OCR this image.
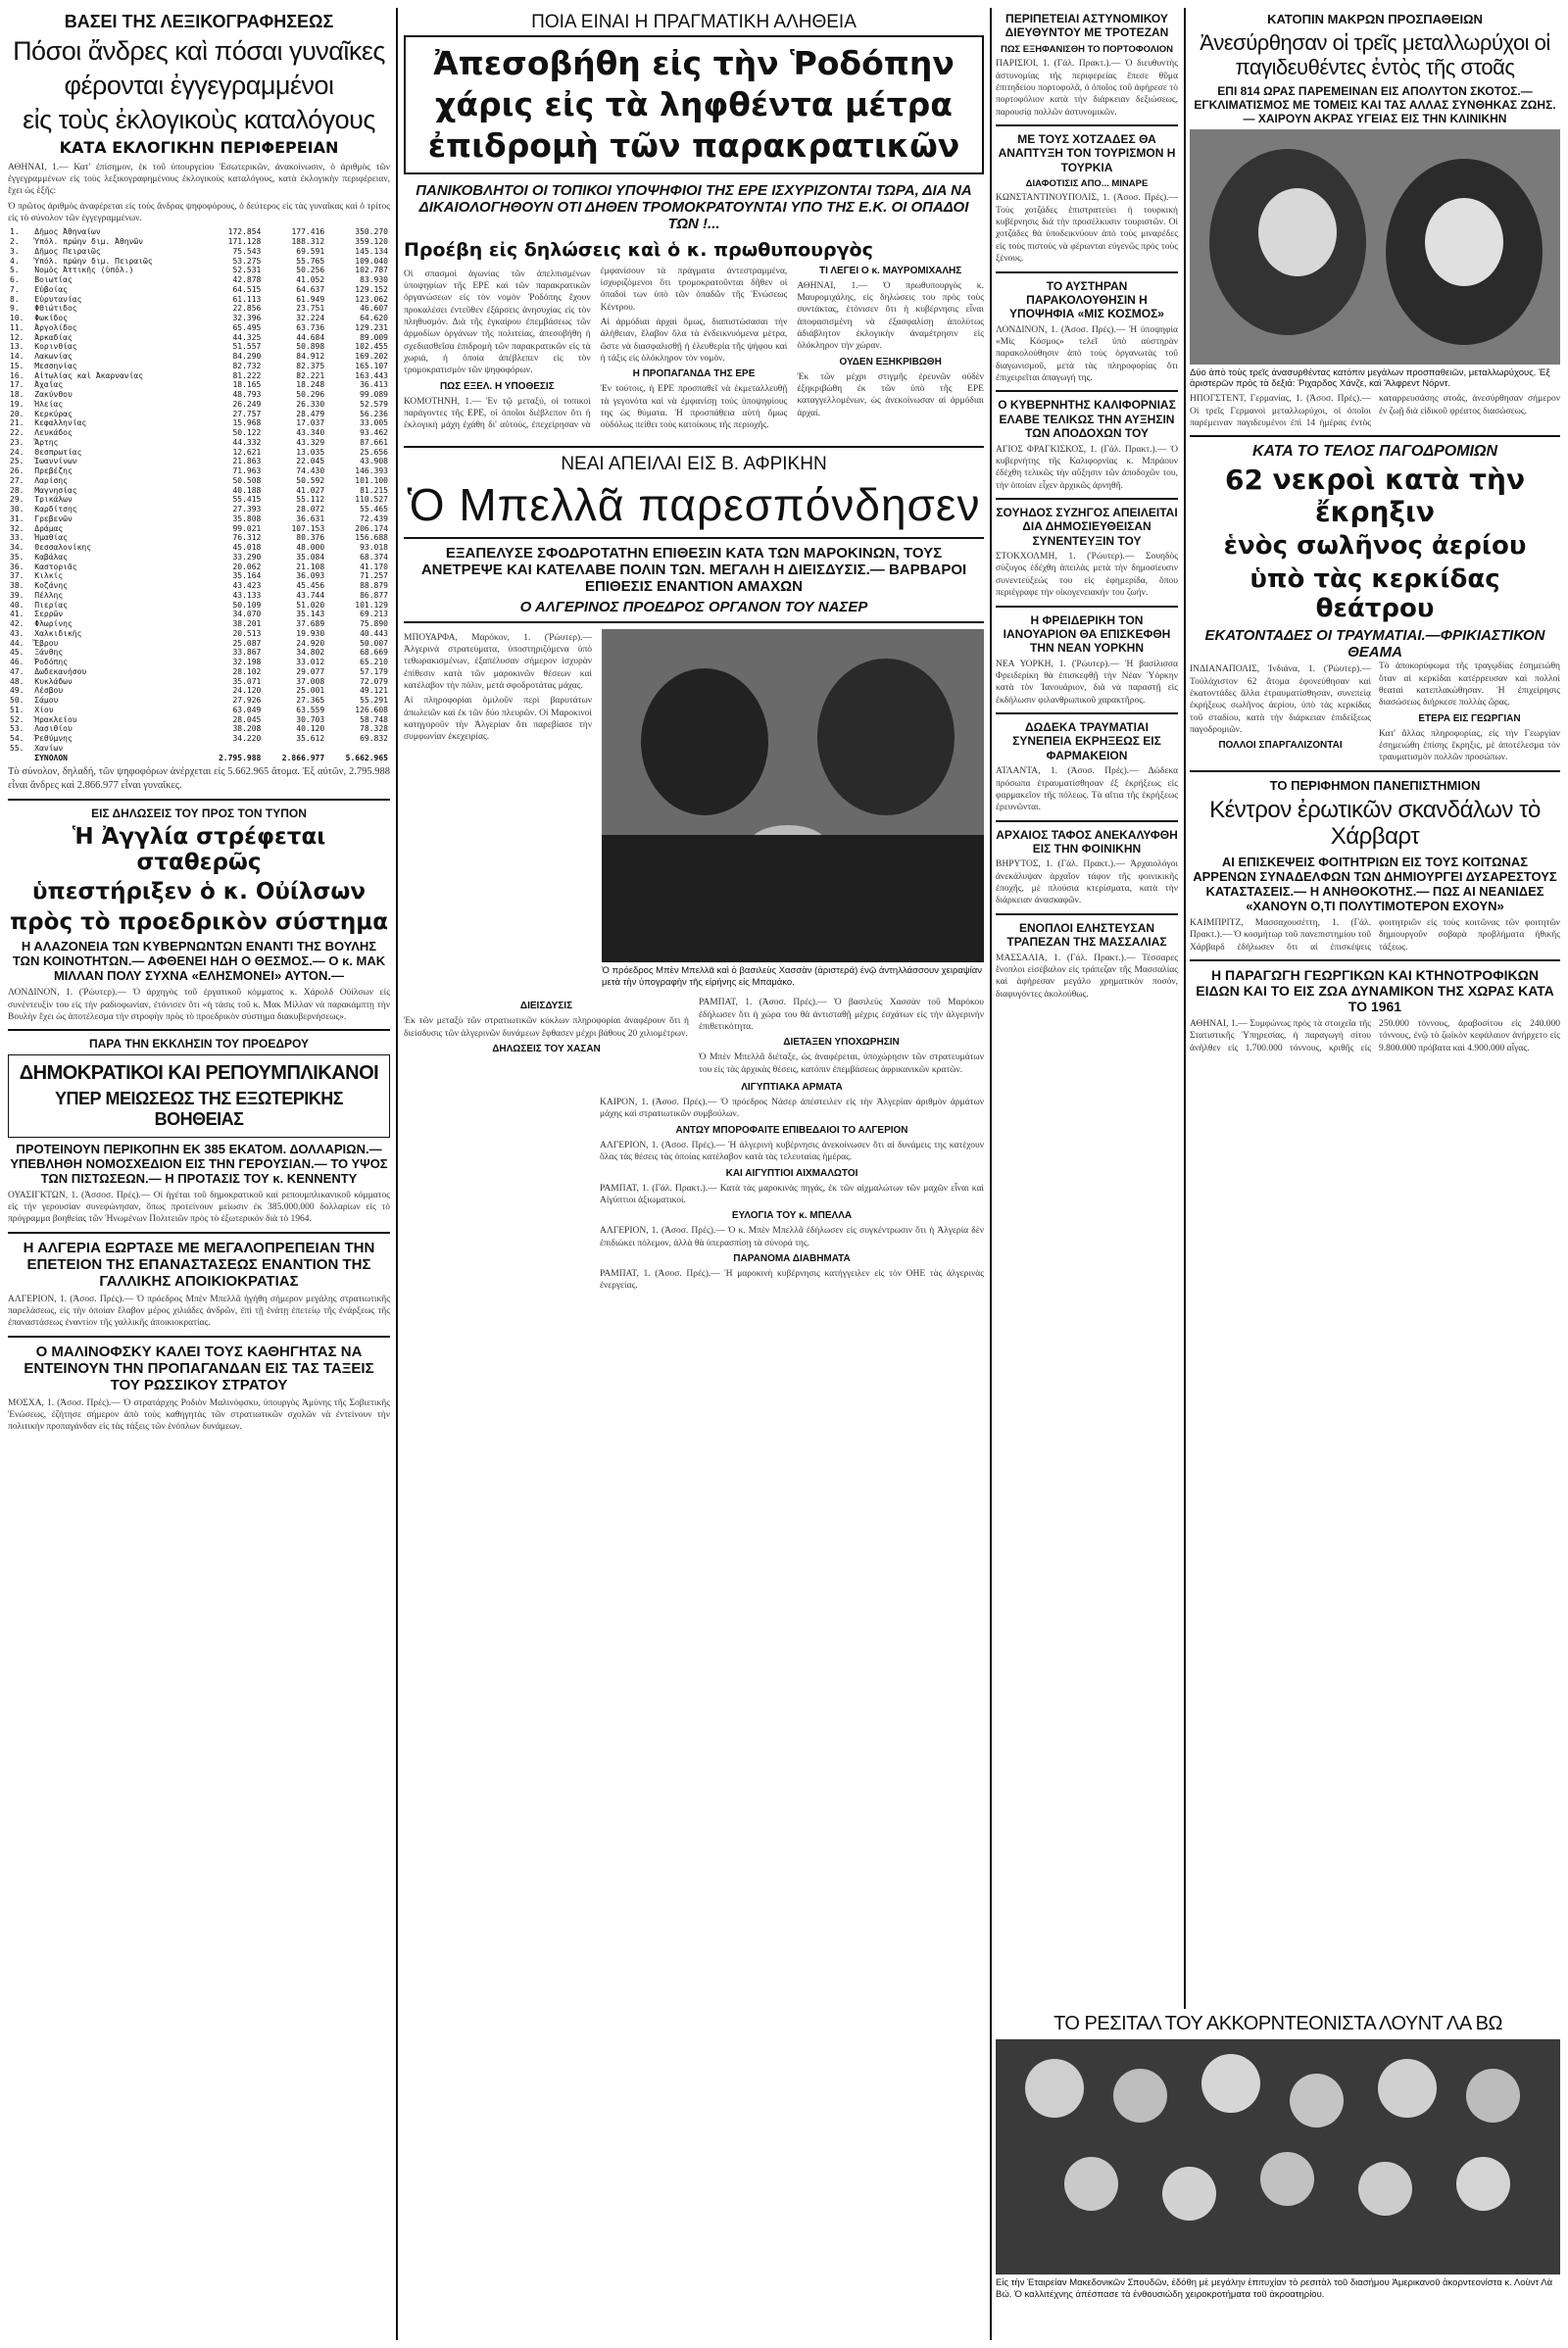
ΒΑΣΕΙ ΤΗΣ ΛΕΞΙΚΟΓΡΑΦΗΣΕΩΣ
Πόσοι ἄνδρες καὶ πόσαι γυναῖκες
φέρονται ἐγγεγραμμένοι
εἰς τοὺς ἐκλογικοὺς καταλόγους
ΚΑΤΑ ΕΚΛΟΓΙΚΗΝ ΠΕΡΙΦΕΡΕΙΑΝ

ΑΘΗΝΑΙ, 1.— Κατ' ἐπίσημον, ἐκ τοῦ ὑπουργείου Ἐσωτερικῶν, ἀνακοίνωσιν, ὁ ἀριθμὸς τῶν ἐγγεγραμμένων εἰς τοὺς λεξικογραφημένους ἐκλογικοὺς καταλόγους, κατὰ ἐκλογικὴν περιφέρειαν, ἔχει ὡς ἑξῆς:

Ὁ πρῶτος ἀριθμὸς ἀναφέρεται εἰς τοὺς ἄνδρας ψηφοφόρους, ὁ δεύτερος εἰς τὰς γυναῖκας καὶ ὁ τρίτος εἰς τὸ σύνολον τῶν ἐγγεγραμμένων.

1.	Δῆμος Ἀθηναίων	172.854	177.416	350.270
2.	Ὑπόλ. πρώην διμ. Ἀθηνῶν	171.128	188.312	359.120
3.	Δῆμος Πειραιῶς	75.543	69.591	145.134
4.	Ὑπόλ. πρώην διμ. Πειραιῶς	53.275	55.765	109.040
5.	Νομὸς Ἀττικῆς (ὑπόλ.)	52.531	50.256	102.787
6.	Βοιωτίας	42.878	41.052	83.930
7.	Εὐβοίας	64.515	64.637	129.152
8.	Εὐρυτανίας	61.113	61.949	123.062
9.	Φθιώτιδος	22.856	23.751	46.607
10.	Φωκίδος	32.396	32.224	64.620
11.	Ἀργολίδος	65.495	63.736	129.231
12.	Ἀρκαδίας	44.325	44.684	89.009
13.	Κορινθίας	51.557	50.898	102.455
14.	Λακωνίας	84.290	84.912	169.202
15.	Μεσσηνίας	82.732	82.375	165.107
16.	Αἰτωλίας καὶ Ἀκαρνανίας	81.222	82.221	163.443
17.	Ἀχαΐας	18.165	18.248	36.413
18.	Ζακύνθου	48.793	50.296	99.089
19.	Ἠλείας	26.249	26.330	52.579
20.	Κερκύρας	27.757	28.479	56.236
21.	Κεφαλληνίας	15.968	17.037	33.005
22.	Λευκάδος	50.122	43.340	93.462
23.	Ἄρτης	44.332	43.329	87.661
24.	Θεσπρωτίας	12.621	13.035	25.656
25.	Ἰωαννίνων	21.863	22.045	43.908
26.	Πρεβέζης	71.963	74.430	146.393
27.	Λαρίσης	50.508	50.592	101.100
28.	Μαγνησίας	40.188	41.027	81.215
29.	Τρικάλων	55.415	55.112	110.527
30.	Καρδίτσης	27.393	28.072	55.465
31.	Γρεβενῶν	35.808	36.631	72.439
32.	Δράμας	99.021	107.153	206.174
33.	Ἠμαθίας	76.312	80.376	156.688
34.	Θεσσαλονίκης	45.018	48.000	93.018
35.	Καβάλας	33.290	35.084	68.374
36.	Καστοριᾶς	20.062	21.108	41.170
37.	Κιλκίς	35.164	36.093	71.257
38.	Κοζάνης	43.423	45.456	88.879
39.	Πέλλης	43.133	43.744	86.877
40.	Πιερίας	50.109	51.020	101.129
41.	Σερρῶν	34.070	35.143	69.213
42.	Φλωρίνης	38.201	37.689	75.890
43.	Χαλκιδικῆς	20.513	19.930	40.443
44.	Ἔβρου	25.087	24.920	50.007
45.	Ξάνθης	33.867	34.802	68.669
46.	Ῥοδόπης	32.198	33.012	65.210
47.	Δωδεκανήσου	28.102	29.077	57.179
48.	Κυκλάδων	35.071	37.008	72.079
49.	Λέσβου	24.120	25.001	49.121
50.	Σάμου	27.926	27.365	55.291
51.	Χίου	63.049	63.559	126.608
52.	Ἡρακλείου	28.045	30.703	58.748
53.	Λασιθίου	38.208	40.120	78.328
54.	Ῥεθύμνης	34.220	35.612	69.832
55.	Χανίων			
	ΣΥΝΟΛΟΝ	2.795.988	2.866.977	5.662.965

Τὸ σύνολον, δηλαδή, τῶν ψηφοφόρων ἀνέρχεται εἰς 5.662.965 ἄτομα. Ἐξ αὐτῶν, 2.795.988 εἶναι ἄνδρες καὶ 2.866.977 εἶναι γυναῖκες.

ΕΙΣ ΔΗΛΩΣΕΙΣ ΤΟΥ ΠΡΟΣ ΤΟΝ ΤΥΠΟΝ
Ἡ Ἀγγλία στρέφεται σταθερῶς
ὑπεστήριξεν ὁ κ. Οὐίλσων
πρὸς τὸ προεδρικὸν σύστημα
Η ΑΛΑΖΟΝΕΙΑ ΤΩΝ ΚΥΒΕΡΝΩΝΤΩΝ ΕΝΑΝΤΙ ΤΗΣ ΒΟΥΛΗΣ ΤΩΝ ΚΟΙΝΟΤΗΤΩΝ.— ΑΦΘΕΝΕΙ ΗΔΗ Ο ΘΕΣΜΟΣ.— Ο κ. ΜΑΚ ΜΙΛΛΑΝ ΠΟΛΥ ΣΥΧΝΑ «ΕΛΗΣΜΟΝΕΙ» ΑΥΤΟΝ.—

ΛΟΝΔΙΝΟΝ, 1. (Ῥώυτερ).— Ὁ ἀρχηγὸς τοῦ ἐργατικοῦ κόμματος κ. Χάρολδ Οὐίλσων εἰς συνέντευξίν του εἰς τὴν ραδιοφωνίαν, ἐτόνισεν ὅτι «ἡ τάσις τοῦ κ. Μακ Μίλλαν νὰ παρακάμπτῃ τὴν Βουλὴν ἔχει ὡς ἀποτέλεσμα τὴν στροφὴν πρὸς τὸ προεδρικὸν σύστημα διακυβερνήσεως».

ΠΑΡΑ ΤΗΝ ΕΚΚΛΗΣΙΝ ΤΟΥ ΠΡΟΕΔΡΟΥ
ΔΗΜΟΚΡΑΤΙΚΟΙ ΚΑΙ ΡΕΠΟΥΜΠΛΙΚΑΝΟΙ
ΥΠΕΡ ΜΕΙΩΣΕΩΣ ΤΗΣ ΕΞΩΤΕΡΙΚΗΣ ΒΟΗΘΕΙΑΣ
ΠΡΟΤΕΙΝΟΥΝ ΠΕΡΙΚΟΠΗΝ ΕΚ 385 ΕΚΑΤΟΜ. ΔΟΛΛΑΡΙΩΝ.— ΥΠΕΒΛΗΘΗ ΝΟΜΟΣΧΕΔΙΟΝ ΕΙΣ ΤΗΝ ΓΕΡΟΥΣΙΑΝ.— ΤΟ ΥΨΟΣ ΤΩΝ ΠΙΣΤΩΣΕΩΝ.— Η ΠΡΟΤΑΣΙΣ ΤΟΥ κ. ΚΕΝΝΕΝΤΥ

ΟΥΑΣΙΓΚΤΩΝ, 1. (Ἀσσοσ. Πρές).— Οἱ ἡγέται τοῦ δημοκρατικοῦ καὶ ρεπουμπλικανικοῦ κόμματος εἰς τὴν γερουσίαν συνεφώνησαν, ὅπως προτείνουν μείωσιν ἐκ 385.000.000 δολλαρίων εἰς τὸ πρόγραμμα βοηθείας τῶν Ἡνωμένων Πολιτειῶν πρὸς τὸ ἐξωτερικόν διὰ τὸ 1964.

Η ΑΛΓΕΡΙΑ ΕΩΡΤΑΣΕ ΜΕ ΜΕΓΑΛΟΠΡΕΠΕΙΑΝ ΤΗΝ ΕΠΕΤΕΙΟΝ ΤΗΣ ΕΠΑΝΑΣΤΑΣΕΩΣ ΕΝΑΝΤΙΟΝ ΤΗΣ ΓΑΛΛΙΚΗΣ ΑΠΟΙΚΙΟΚΡΑΤΙΑΣ

ΑΛΓΕΡΙΟΝ, 1. (Ἀσοσ. Πρές).— Ὁ πρόεδρος Μπὲν Μπελλᾶ ἡγήθη σήμερον μεγάλης στρατιωτικῆς παρελάσεως, εἰς τὴν ὁποίαν ἔλαβον μέρος χιλιάδες ἀνδρῶν, ἐπὶ τῇ ἐνάτῃ ἐπετείῳ τῆς ἐνάρξεως τῆς ἐπαναστάσεως ἐναντίον τῆς γαλλικῆς ἀποικιοκρατίας.

Ο ΜΑΛΙΝΟΦΣΚΥ ΚΑΛΕΙ ΤΟΥΣ ΚΑΘΗΓΗΤΑΣ ΝΑ ΕΝΤΕΙΝΟΥΝ ΤΗΝ ΠΡΟΠΑΓΑΝΔΑΝ ΕΙΣ ΤΑΣ ΤΑΞΕΙΣ ΤΟΥ ΡΩΣΣΙΚΟΥ ΣΤΡΑΤΟΥ

ΜΟΣΧΑ, 1. (Ἀσοσ. Πρές).— Ὁ στρατάρχης Ροδιὸν Μαλινόφσκυ, ὑπουργὸς Ἀμύνης τῆς Σοβιετικῆς Ἑνώσεως, ἐζήτησε σήμερον ἀπὸ τοὺς καθηγητὰς τῶν στρατιωτικῶν σχολῶν νὰ ἐντείνουν τὴν πολιτικὴν προπαγάνδαν εἰς τὰς τάξεις τῶν ἐνόπλων δυνάμεων.

ΠΟΙΑ ΕΙΝΑΙ Η ΠΡΑΓΜΑΤΙΚΗ ΑΛΗΘΕΙΑ
Ἀπεσοβήθη εἰς τὴν Ῥοδόπην
χάρις εἰς τὰ ληφθέντα μέτρα
ἐπιδρομὴ τῶν παρακρατικῶν
ΠΑΝΙΚΟΒΛΗΤΟΙ ΟΙ ΤΟΠΙΚΟΙ ΥΠΟΨΗΦΙΟΙ ΤΗΣ ΕΡΕ ΙΣΧΥΡΙΖΟΝΤΑΙ ΤΩΡΑ, ΔΙΑ ΝΑ ΔΙΚΑΙΟΛΟΓΗΘΟΥΝ ΟΤΙ ΔΗΘΕΝ ΤΡΟΜΟΚΡΑΤΟΥΝΤΑΙ ΥΠΟ ΤΗΣ Ε.Κ. ΟΙ ΟΠΑΔΟΙ ΤΩΝ !...
Προέβη εἰς δηλώσεις καὶ ὁ κ. πρωθυπουργὸς

Οἱ σπασμοὶ ἀγωνίας τῶν ἀπελπισμένων ὑποψηφίων τῆς ΕΡΕ καὶ τῶν παρακρατικῶν ὀργανώσεων εἰς τὸν νομὸν Ῥοδόπης ἔχουν προκαλέσει ἐντεῦθεν ἐξάρσεις ἀνησυχίας εἰς τὸν πληθυσμόν. Διὰ τῆς ἐγκαίρου ἐπεμβάσεως τῶν ἀρμοδίων ὀργάνων τῆς πολιτείας, ἀπεσοβήθη ἡ σχεδιασθεῖσα ἐπιδρομὴ τῶν παρακρατικῶν εἰς τὰ χωριά, ἡ ὁποία ἀπέβλεπεν εἰς τὸν τρομοκρατισμὸν τῶν ψηφοφόρων.

ΠΩΣ ΕΞΕΛ. Η ΥΠΟΘΕΣΙΣ

ΚΟΜΟΤΗΝΗ, 1.— Ἐν τῷ μεταξύ, οἱ τοπικοὶ παράγοντες τῆς ΕΡΕ, οἱ ὁποῖοι διέβλεπον ὅτι ἡ ἐκλογικὴ μάχη ἐχάθη δι' αὐτούς, ἐπεχείρησαν νὰ ἐμφανίσουν τὰ πράγματα ἀντεστραμμένα, ἰσχυριζόμενοι ὅτι τρομοκρατοῦνται δῆθεν οἱ ὀπαδοί των ὑπὸ τῶν ὀπαδῶν τῆς Ἑνώσεως Κέντρου.

Αἱ ἀρμόδιαι ἀρχαὶ ὅμως, διαπιστώσασαι τὴν ἀλήθειαν, ἔλαβον ὅλα τὰ ἐνδεικνυόμενα μέτρα, ὥστε νὰ διασφαλισθῇ ἡ ἐλευθερία τῆς ψήφου καὶ ἡ τάξις εἰς ὁλόκληρον τὸν νομόν.

Η ΠΡΟΠΑΓΑΝΔΑ ΤΗΣ ΕΡΕ

Ἐν τούτοις, ἡ ΕΡΕ προσπαθεῖ νὰ ἐκμεταλλευθῇ τὰ γεγονότα καὶ νὰ ἐμφανίσῃ τοὺς ὑποψηφίους της ὡς θύματα. Ἡ προσπάθεια αὐτὴ ὅμως οὐδόλως πείθει τοὺς κατοίκους τῆς περιοχῆς.

ΤΙ ΛΕΓΕΙ Ο κ. ΜΑΥΡΟΜΙΧΑΛΗΣ

ΑΘΗΝΑΙ, 1.— Ὁ πρωθυπουργὸς κ. Μαυρομιχάλης, εἰς δηλώσεις του πρὸς τοὺς συντάκτας, ἐτόνισεν ὅτι ἡ κυβέρνησις εἶναι ἀποφασισμένη νὰ ἐξασφαλίσῃ ἀπολύτως ἀδιάβλητον ἐκλογικὴν ἀναμέτρησιν εἰς ὁλόκληρον τὴν χώραν.

ΟΥΔΕΝ ΕΞΗΚΡΙΒΩΘΗ

Ἐκ τῶν μέχρι στιγμῆς ἐρευνῶν οὐδὲν ἐξηκριβώθη ἐκ τῶν ὑπὸ τῆς ΕΡΕ καταγγελλομένων, ὡς ἀνεκοίνωσαν αἱ ἁρμόδιαι ἀρχαί.

ΝΕΑΙ ΑΠΕΙΛΑΙ ΕΙΣ Β. ΑΦΡΙΚΗΝ
Ὁ Μπελλᾶ παρεσπόνδησεν
ΕΞΑΠΕΛΥΣΕ ΣΦΟΔΡΟΤΑΤΗΝ ΕΠΙΘΕΣΙΝ ΚΑΤΑ ΤΩΝ ΜΑΡΟΚΙΝΩΝ, ΤΟΥΣ ΑΝΕΤΡΕΨΕ ΚΑΙ ΚΑΤΕΛΑΒΕ ΠΟΛΙΝ ΤΩΝ. ΜΕΓΑΛΗ Η ΔΙΕΙΣΔΥΣΙΣ.— ΒΑΡΒΑΡΟΙ ΕΠΙΘΕΣΙΣ ΕΝΑΝΤΙΟΝ ΑΜΑΧΩΝ
Ο ΑΛΓΕΡΙΝΟΣ ΠΡΟΕΔΡΟΣ ΟΡΓΑΝΟΝ ΤΟΥ ΝΑΣΕΡ

ΜΠΟΥΑΡΦΑ, Μαρόκον, 1. (Ῥώυτερ).— Ἀλγερινὰ στρατεύματα, ὑποστηριζόμενα ὑπὸ τεθωρακισμένων, ἐξαπέλυσαν σήμερον ἰσχυρὰν ἐπίθεσιν κατὰ τῶν μαροκινῶν θέσεων καὶ κατέλαβον τὴν πόλιν, μετὰ σφοδροτάτας μάχας.

Αἱ πληροφορίαι ὁμιλοῦν περὶ βαρυτάτων ἀπωλειῶν καὶ ἐκ τῶν δύο πλευρῶν. Οἱ Μαροκινοὶ κατηγοροῦν τὴν Ἀλγερίαν ὅτι παρεβίασε τὴν συμφωνίαν ἐκεχειρίας.

Ὁ πρόεδρος Μπὲν Μπελλᾶ καὶ ὁ βασιλεὺς Χασσὰν (ἀριστερά) ἐνῷ ἀντηλλάσσουν χειραψίαν μετὰ τὴν ὑπογραφὴν τῆς εἰρήνης εἰς Μπαμάκο.
ΔΙΕΙΣΔΥΣΙΣ

Ἐκ τῶν μεταξὺ τῶν στρατιωτικῶν κύκλων πληροφορίαι ἀναφέρουν ὅτι ἡ διείσδυσις τῶν ἀλγερινῶν δυνάμεων ἔφθασεν μέχρι βάθους 20 χιλιομέτρων.

ΔΗΛΩΣΕΙΣ ΤΟΥ ΧΑΣΑΝ

ΡΑΜΠΑΤ, 1. (Ἀσοσ. Πρές).— Ὁ βασιλεὺς Χασσὰν τοῦ Μαρόκου ἐδήλωσεν ὅτι ἡ χώρα του θὰ ἀντισταθῇ μέχρις ἐσχάτων εἰς τὴν ἀλγερινὴν ἐπιθετικότητα.

ΔΙΕΤΑΞΕΝ ΥΠΟΧΩΡΗΣΙΝ

Ὁ Μπὲν Μπελλᾶ διέταξε, ὡς ἀναφέρεται, ὑποχώρησιν τῶν στρατευμάτων του εἰς τὰς ἀρχικὰς θέσεις, κατόπιν ἐπεμβάσεως ἀφρικανικῶν κρατῶν.

ΛΙΓΥΠΤΙΑΚΑ ΑΡΜΑΤΑ

ΚΑΙΡΟΝ, 1. (Ἀσοσ. Πρές).— Ὁ πρόεδρος Νάσερ ἀπέστειλεν εἰς τὴν Ἀλγερίαν ἀριθμὸν ἀρμάτων μάχης καὶ στρατιωτικῶν συμβούλων.

ΑΝΤΩΥ ΜΠΟΡΟΦΑΙΤΕ ΕΠΙΒΕΔΑΙΟΙ ΤΟ ΑΛΓΕΡΙΟΝ

ΑΛΓΕΡΙΟΝ, 1. (Ἀσοσ. Πρές).— Ἡ ἀλγερινὴ κυβέρνησις ἀνεκοίνωσεν ὅτι αἱ δυνάμεις της κατέχουν ὅλας τὰς θέσεις τὰς ὁποίας κατέλαβον κατὰ τὰς τελευταίας ἡμέρας.

ΚΑΙ ΑΙΓΥΠΤΙΟΙ ΑΙΧΜΑΛΩΤΟΙ

ΡΑΜΠΑΤ, 1. (Γάλ. Πρακτ.).— Κατὰ τὰς μαροκινὰς πηγάς, ἐκ τῶν αἰχμαλώτων τῶν μαχῶν εἶναι καὶ Αἰγύπτιοι ἀξιωματικοί.

ΕΥΛΟΓΙΑ ΤΟΥ κ. ΜΠΕΛΛΑ

ΑΛΓΕΡΙΟΝ, 1. (Ἀσοσ. Πρές).— Ὁ κ. Μπὲν Μπελλᾶ ἐδήλωσεν εἰς συγκέντρωσιν ὅτι ἡ Ἀλγερία δὲν ἐπιδιώκει πόλεμον, ἀλλὰ θὰ ὑπερασπίσῃ τὰ σύνορά της.

ΠΑΡΑΝΟΜΑ ΔΙΑΒΗΜΑΤΑ

ΡΑΜΠΑΤ, 1. (Ἀσοσ. Πρές).— Ἡ μαροκινὴ κυβέρνησις κατήγγειλεν εἰς τὸν ΟΗΕ τὰς ἀλγερινὰς ἐνεργείας.

ΠΕΡΙΠΕΤΕΙΑΙ ΑΣΤΥΝΟΜΙΚΟΥ ΔΙΕΥΘΥΝΤΟΥ ΜΕ ΤΡΟΤΕΖΑΝ
ΠΩΣ ΕΞΗΦΑΝΙΣΘΗ ΤΟ ΠΟΡΤΟΦΟΛΙΟΝ

ΠΑΡΙΣΙΟΙ, 1. (Γάλ. Πρακτ.).— Ὁ διευθυντὴς ἀστυνομίας τῆς περιφερείας ἔπεσε θῦμα ἐπιτηδείου πορτοφολᾶ, ὁ ὁποῖος τοῦ ἀφήρεσε τὸ πορτοφόλιον κατὰ τὴν διάρκειαν δεξιώσεως, παρουσίᾳ πολλῶν ἀστυνομικῶν.

ΜΕ ΤΟΥΣ ΧΟΤΖΑΔΕΣ ΘΑ ΑΝΑΠΤΥΞΗ ΤΟΝ ΤΟΥΡΙΣΜΟΝ Η ΤΟΥΡΚΙΑ
ΔΙΑΦΟΤΙΣΙΣ ΑΠΟ... ΜΙΝΑΡΕ

ΚΩΝΣΤΑΝΤΙΝΟΥΠΟΛΙΣ, 1. (Ἀσοσ. Πρές).— Τοὺς χοτζάδες ἐπιστρατεύει ἡ τουρκικὴ κυβέρνησις διὰ τὴν προσέλκυσιν τουριστῶν. Οἱ χοτζάδες θὰ ὑποδεικνύουν ἀπὸ τοὺς μιναρέδες εἰς τοὺς πιστοὺς νὰ φέρωνται εὐγενῶς πρὸς τοὺς ξένους.

ΤΟ ΑΥΣΤΗΡΑΝ ΠΑΡΑΚΟΛΟΥΘΗΣΙΝ Η ΥΠΟΨΗΦΙΑ «ΜΙΣ ΚΟΣΜΟΣ»

ΛΟΝΔΙΝΟΝ, 1. (Ἀσοσ. Πρές).— Ἡ ὑποψηφία «Μὶς Κόσμος» τελεῖ ὑπὸ αὐστηρὰν παρακολούθησιν ἀπὸ τοὺς ὀργανωτὰς τοῦ διαγωνισμοῦ, μετὰ τὰς πληροφορίας ὅτι ἐπιχειρεῖται ἀπαγωγή της.

Ο ΚΥΒΕΡΝΗΤΗΣ ΚΑΛΙΦΟΡΝΙΑΣ ΕΛΑΒΕ ΤΕΛΙΚΩΣ ΤΗΝ ΑΥΞΗΣΙΝ ΤΩΝ ΑΠΟΔΟΧΩΝ ΤΟΥ

ΑΓΙΟΣ ΦΡΑΓΚΙΣΚΟΣ, 1. (Γάλ. Πρακτ.).— Ὁ κυβερνήτης τῆς Καλιφορνίας κ. Μπράουν ἐδέχθη τελικῶς τὴν αὔξησιν τῶν ἀποδοχῶν του, τὴν ὁποίαν εἶχεν ἀρχικῶς ἀρνηθῆ.

ΣΟΥΗΔΟΣ ΣΥΖΗΓΟΣ ΑΠΕΙΛΕΙΤΑΙ ΔΙΑ ΔΗΜΟΣΙΕΥΘΕΙΣΑΝ ΣΥΝΕΝΤΕΥΞΙΝ ΤΟΥ

ΣΤΟΚΧΟΛΜΗ, 1. (Ῥώυτερ).— Σουηδὸς σύζυγος ἐδέχθη ἀπειλὰς μετὰ τὴν δημοσίευσιν συνεντεύξεώς του εἰς ἐφημερίδα, ὅπου περιέγραφε τὴν οἰκογενειακήν του ζωήν.

Η ΦΡΕΙΔΕΡΙΚΗ ΤΟΝ ΙΑΝΟΥΑΡΙΟΝ ΘΑ ΕΠΙΣΚΕΦΘΗ ΤΗΝ ΝΕΑΝ ΥΟΡΚΗΝ

ΝΕΑ ΥΟΡΚΗ, 1. (Ῥώυτερ).— Ἡ βασίλισσα Φρειδερίκη θὰ ἐπισκεφθῇ τὴν Νέαν Ὑόρκην κατὰ τὸν Ἰανουάριον, διὰ νὰ παραστῇ εἰς ἐκδήλωσιν φιλανθρωπικοῦ χαρακτῆρος.

ΔΩΔΕΚΑ ΤΡΑΥΜΑΤΙΑΙ ΣΥΝΕΠΕΙΑ ΕΚΡΗΞΕΩΣ ΕΙΣ ΦΑΡΜΑΚΕΙΟΝ

ΑΤΛΑΝΤΑ, 1. (Ἀσοσ. Πρές).— Δώδεκα πρόσωπα ἐτραυματίσθησαν ἐξ ἐκρήξεως εἰς φαρμακεῖον τῆς πόλεως. Τὰ αἴτια τῆς ἐκρήξεως ἐρευνῶνται.

ΑΡΧΑΙΟΣ ΤΑΦΟΣ ΑΝΕΚΑΛΥΦΘΗ ΕΙΣ ΤΗΝ ΦΟΙΝΙΚΗΝ

ΒΗΡΥΤΟΣ, 1. (Γάλ. Πρακτ.).— Ἀρχαιολόγοι ἀνεκάλυψαν ἀρχαῖον τάφον τῆς φοινικικῆς ἐποχῆς, μὲ πλούσια κτερίσματα, κατὰ τὴν διάρκειαν ἀνασκαφῶν.

ΕΝΟΠΛΟΙ ΕΛΗΣΤΕΥΣΑΝ ΤΡΑΠΕΖΑΝ ΤΗΣ ΜΑΣΣΑΛΙΑΣ

ΜΑΣΣΑΛΙΑ, 1. (Γάλ. Πρακτ.).— Τέσσαρες ἔνοπλοι εἰσέβαλον εἰς τράπεζαν τῆς Μασσαλίας καὶ ἀφήρεσαν μεγάλο χρηματικὸν ποσόν, διαφυγόντες ἀκολούθως.

ΚΑΤΟΠΙΝ ΜΑΚΡΩΝ ΠΡΟΣΠΑΘΕΙΩΝ
Ἀνεσύρθησαν οἱ τρεῖς μεταλλωρύχοι οἱ παγιδευθέντες ἐντὸς τῆς στοᾶς
ΕΠΙ 814 ΩΡΑΣ ΠΑΡΕΜΕΙΝΑΝ ΕΙΣ ΑΠΟΛΥΤΟΝ ΣΚΟΤΟΣ.— ΕΓΚΛΙΜΑΤΙΣΜΟΣ ΜΕ ΤΟΜΕΙΣ ΚΑΙ ΤΑΣ ΑΛΛΑΣ ΣΥΝΘΗΚΑΣ ΖΩΗΣ.— ΧΑΙΡΟΥΝ ΑΚΡΑΣ ΥΓΕΙΑΣ ΕΙΣ ΤΗΝ ΚΛΙΝΙΚΗΝ
Δύο ἀπὸ τοὺς τρεῖς ἀνασυρθέντας κατόπιν μεγάλων προσπαθειῶν, μεταλλωρύχους. Ἐξ ἀριστερῶν πρὸς τὰ δεξιά: Ῥιχαρδος Χάνζε, καὶ Ἄλφρεντ Νόρντ.

ΗΠΟΓΣΤΕΝΤ, Γερμανίας, 1. (Ἀσοσ. Πρές).— Οἱ τρεῖς Γερμανοὶ μεταλλωρύχοι, οἱ ὁποῖοι παρέμειναν παγιδευμένοι ἐπὶ 14 ἡμέρας ἐντὸς καταρρευσάσης στοᾶς, ἀνεσύρθησαν σήμερον ἐν ζωῇ διὰ εἰδικοῦ φρέατος διασώσεως.

ΚΑΤΑ ΤΟ ΤΕΛΟΣ ΠΑΓΟΔΡΟΜΙΩΝ
62 νεκροὶ κατὰ τὴν ἔκρηξιν
ἑνὸς σωλῆνος ἀερίου
ὑπὸ τὰς κερκίδας θεάτρου
ΕΚΑΤΟΝΤΑΔΕΣ ΟΙ ΤΡΑΥΜΑΤΙΑΙ.—ΦΡΙΚΙΑΣΤΙΚΟΝ ΘΕΑΜΑ

ΙΝΔΙΑΝΑΠΟΛΙΣ, Ἰνδιάνα, 1. (Ῥώυτερ).— Τοὐλάχιστον 62 ἄτομα ἐφονεύθησαν καὶ ἑκατοντάδες ἄλλα ἐτραυματίσθησαν, συνεπείᾳ ἐκρήξεως σωλῆνος ἀερίου, ὑπὸ τὰς κερκίδας τοῦ σταδίου, κατὰ τὴν διάρκειαν ἐπιδείξεως παγοδρομιῶν.

ΠΟΛΛΟΙ ΣΠΑΡΓΑΛΙΖΟΝΤΑΙ

Τὸ ἀποκορύφωμα τῆς τραγῳδίας ἐσημειώθη ὅταν αἱ κερκίδαι κατέρρευσαν καὶ πολλοὶ θεαταὶ κατεπλακώθησαν. Ἡ ἐπιχείρησις διασώσεως διήρκεσε πολλὰς ὥρας.

ΕΤΕΡΑ ΕΙΣ ΓΕΩΡΓΙΑΝ

Κατ' ἄλλας πληροφορίας, εἰς τὴν Γεωργίαν ἐσημειώθη ἐπίσης ἔκρηξις, μὲ ἀποτέλεσμα τὸν τραυματισμὸν πολλῶν προσώπων.

ΤΟ ΠΕΡΙΦΗΜΟΝ ΠΑΝΕΠΙΣΤΗΜΙΟΝ
Κέντρον ἐρωτικῶν σκανδάλων τὸ Χάρβαρτ
ΑΙ ΕΠΙΣΚΕΨΕΙΣ ΦΟΙΤΗΤΡΙΩΝ ΕΙΣ ΤΟΥΣ ΚΟΙΤΩΝΑΣ ΑΡΡΕΝΩΝ ΣΥΝΑΔΕΛΦΩΝ ΤΩΝ ΔΗΜΙΟΥΡΓΕΙ ΔΥΣΑΡΕΣΤΟΥΣ ΚΑΤΑΣΤΑΣΕΙΣ.— Η ΑΝΗΘΟΚΟΤΗΣ.— ΠΩΣ ΑΙ ΝΕΑΝΙΔΕΣ «ΧΑΝΟΥΝ Ο,ΤΙ ΠΟΛΥΤΙΜΟΤΕΡΟΝ ΕΧΟΥΝ»

ΚΑΙΜΠΡΙΤΖ, Μασσαχουσέττη, 1. (Γάλ. Πρακτ.).— Ὁ κοσμήτωρ τοῦ πανεπιστημίου τοῦ Χάρβαρδ ἐδήλωσεν ὅτι αἱ ἐπισκέψεις φοιτητριῶν εἰς τοὺς κοιτῶνας τῶν φοιτητῶν δημιουργοῦν σοβαρὰ προβλήματα ἠθικῆς τάξεως.

Η ΠΑΡΑΓΩΓΗ ΓΕΩΡΓΙΚΩΝ ΚΑΙ ΚΤΗΝΟΤΡΟΦΙΚΩΝ ΕΙΔΩΝ ΚΑΙ ΤΟ ΕΙΣ ΖΩΑ ΔΥΝΑΜΙΚΟΝ ΤΗΣ ΧΩΡΑΣ ΚΑΤΑ ΤΟ 1961

ΑΘΗΝΑΙ, 1.— Συμφώνως πρὸς τὰ στοιχεῖα τῆς Στατιστικῆς Ὑπηρεσίας, ἡ παραγωγὴ σίτου ἀνῆλθεν εἰς 1.700.000 τόννους, κριθῆς εἰς 250.000 τόννους, ἀραβοσίτου εἰς 240.000 τόννους, ἐνῷ τὸ ζωϊκὸν κεφάλαιον ἀνήρχετο εἰς 9.800.000 πρόβατα καὶ 4.900.000 αἶγας.

ΤΟ ΡΕΣΙΤΑΛ ΤΟΥ ΑΚΚΟΡΝΤΕΟΝΙΣΤΑ ΛΟΥΝΤ ΛΑ ΒΩ
Εἰς τὴν Ἑταιρείαν Μακεδονικῶν Σπουδῶν, ἐδόθη μὲ μεγάλην ἐπιτυχίαν τὸ ρεσιτὰλ τοῦ διασήμου Ἀμερικανοῦ ἀκορντεονίστα κ. Λοὺντ Λὰ Βώ. Ὁ καλλιτέχνης ἀπέσπασε τὰ ἐνθουσιώδη χειροκροτήματα τοῦ ἀκροατηρίου.
